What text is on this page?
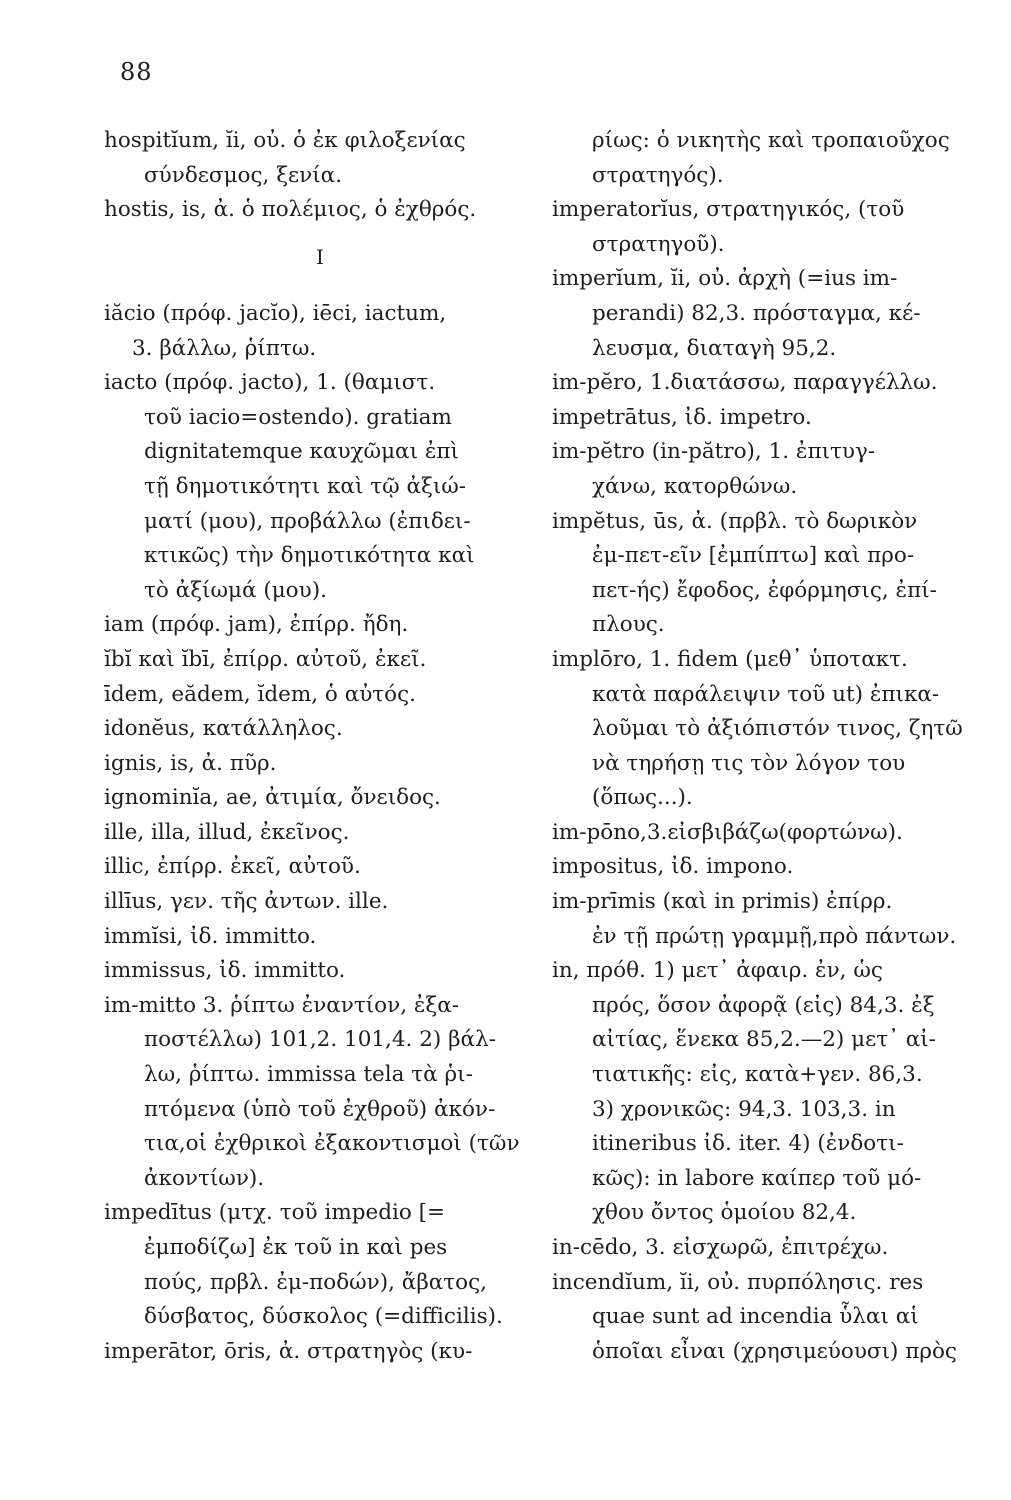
88
hospitĭum, ĭi, οὐ. ὁ ἐκ φιλοξενίας
σύνδεσμος, ξενία.
hostis, is, ἀ. ὁ πολέμιος, ὁ ἐχθρός.
I
iăcio (πρόφ. jacĭo), iēci, iactum,
3. βάλλω, ῥίπτω.
iacto (πρόφ. jacto), 1. (θαμιστ.
τοῦ iacio=ostendo). gratiam
dignitatemque καυχῶμαι ἐπὶ
τῇ δημοτικότητι καὶ τῷ ἀξιώ-
ματί (μου), προβάλλω (ἐπιδει-
κτικῶς) τὴν δημοτικότητα καὶ
τὸ ἀξίωμά (μου).
iam (πρόφ. jam), ἐπίρρ. ἤδη.
ĭbĭ καὶ ĭbī, ἐπίρρ. αὐτοῦ, ἐκεῖ.
īdem, eădem, ĭdem, ὁ αὐτός.
idonĕus, κατάλληλος.
ignis, is, ἀ. πῦρ.
ignominĭa, ae, ἀτιμία, ὄνειδος.
ille, illa, illud, ἐκεῖνος.
illic, ἐπίρρ. ἐκεῖ, αὐτοῦ.
illīus, γεν. τῆς ἀντων. ille.
immĭsi, ἰδ. immitto.
immissus, ἰδ. immitto.
im-mitto 3. ῥίπτω ἐναντίον, ἐξα-
ποστέλλω) 101,2. 101,4. 2) βάλ-
λω, ῥίπτω. immissa tela τὰ ῥι-
πτόμενα (ὑπὸ τοῦ ἐχθροῦ) ἀκόν-
τια,οἱ ἐχθρικοὶ ἐξακοντισμοὶ (τῶν
ἀκοντίων).
impedītus (μτχ. τοῦ impedio [=
ἐμποδίζω] ἐκ τοῦ in καὶ pes
πούς, πρβλ. ἐμ-ποδών), ἄβατος,
δύσβατος, δύσκολος (=difficilis).
imperātor, ōris, ἀ. στρατηγὸς (κυ-
ρίως: ὁ νικητὴς καὶ τροπαιοῦχος
στρατηγός).
imperatorĭus, στρατηγικός, (τοῦ
στρατηγοῦ).
imperĭum, ĭi, οὐ. ἀρχὴ (=ius im-
perandi) 82,3. πρόσταγμα, κέ-
λευσμα, διαταγὴ 95,2.
im-pĕro, 1.διατάσσω, παραγγέλλω.
impetrātus, ἰδ. impetro.
im-pĕtro (in-pătro), 1. ἐπιτυγ-
χάνω, κατορθώνω.
impĕtus, ūs, ἀ. (πρβλ. τὸ δωρικὸν
ἐμ-πετ-εῖν [ἐμπίπτω] καὶ προ-
πετ-ής) ἔφοδος, ἐφόρμησις, ἐπί-
πλους.
implōro, 1. fidem (μεθ᾽ ὑποτακτ.
κατὰ παράλειψιν τοῦ ut) ἐπικα-
λοῦμαι τὸ ἀξιόπιστόν τινος, ζητῶ
νὰ τηρήσῃ τις τὸν λόγον του
(ὅπως...).
im-pōno,3.εἰσβιβάζω(φορτώνω).
impositus, ἰδ. impono.
im-prīmis (καὶ in primis) ἐπίρρ.
ἐν τῇ πρώτῃ γραμμῇ,πρὸ πάντων.
in, πρόθ. 1) μετ᾽ ἀφαιρ. ἐν, ὡς
πρός, ὅσον ἀφορᾷ (εἰς) 84,3. ἐξ
αἰτίας, ἕνεκα 85,2.—2) μετ᾽ αἰ-
τιατικῆς: εἰς, κατὰ+γεν. 86,3.
3) χρονικῶς: 94,3. 103,3. in
itineribus ἰδ. iter. 4) (ἐνδοτι-
κῶς): in labore καίπερ τοῦ μό-
χθου ὄντος ὁμοίου 82,4.
in-cēdo, 3. εἰσχωρῶ, ἐπιτρέχω.
incendĭum, ĭi, οὐ. πυρπόλησις. res
quae sunt ad incendia ὗλαι αἱ
ὁποῖαι εἶναι (χρησιμεύουσι) πρὸς
